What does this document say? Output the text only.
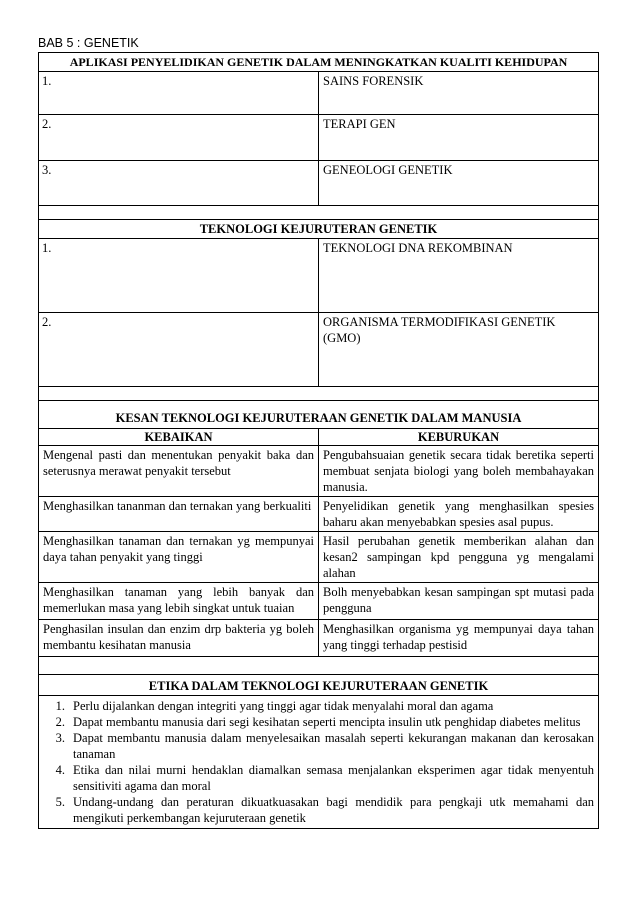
BAB 5 : GENETIK
APLIKASI PENYELIDIKAN GENETIK DALAM MENINGKATKAN KUALITI KEHIDUPAN	
1.	SAINS FORENSIK
2.	TERAPI GEN
3.	GENEOLOGI GENETIK

TEKNOLOGI KEJURUTERAN GENETIK	
1.	TEKNOLOGI DNA REKOMBINAN
2.	ORGANISMA TERMODIFIKASI GENETIK (GMO)

KESAN TEKNOLOGI KEJURUTERAAN GENETIK DALAM MANUSIA	
KEBAIKAN	KEBURUKAN
Mengenal pasti dan menentukan penyakit baka dan seterusnya merawat penyakit tersebut	Pengubahsuaian genetik secara tidak beretika seperti membuat senjata biologi yang boleh membahayakan manusia.
Menghasilkan tananman dan ternakan yang berkualiti	Penyelidikan genetik yang menghasilkan spesies baharu akan menyebabkan spesies asal pupus.
Menghasilkan tanaman dan ternakan yg mempunyai daya tahan penyakit yang tinggi	Hasil perubahan genetik memberikan alahan dan kesan2 sampingan kpd pengguna yg mengalami alahan
Menghasilkan tanaman yang lebih banyak dan memerlukan masa yang lebih singkat untuk tuaian	Bolh menyebabkan kesan sampingan spt mutasi pada pengguna
Penghasilan insulan dan enzim drp bakteria yg boleh membantu kesihatan manusia	Menghasilkan organisma yg mempunyai daya tahan yang tinggi terhadap pestisid

ETIKA DALAM TEKNOLOGI KEJURUTERAAN GENETIK

1. Perlu dijalankan dengan integriti yang tinggi agar tidak menyalahi moral dan agama
2. Dapat membantu manusia dari segi kesihatan seperti mencipta insulin utk penghidap diabetes melitus
3. Dapat membantu manusia dalam menyelesaikan masalah seperti kekurangan makanan dan kerosakan tanaman
4. Etika dan nilai murni hendaklan diamalkan semasa menjalankan eksperimen agar tidak menyentuh sensitiviti agama dan moral
5. Undang-undang dan peraturan dikuatkuasakan bagi mendidik para pengkaji utk memahami dan mengikuti perkembangan kejuruteraan genetik
